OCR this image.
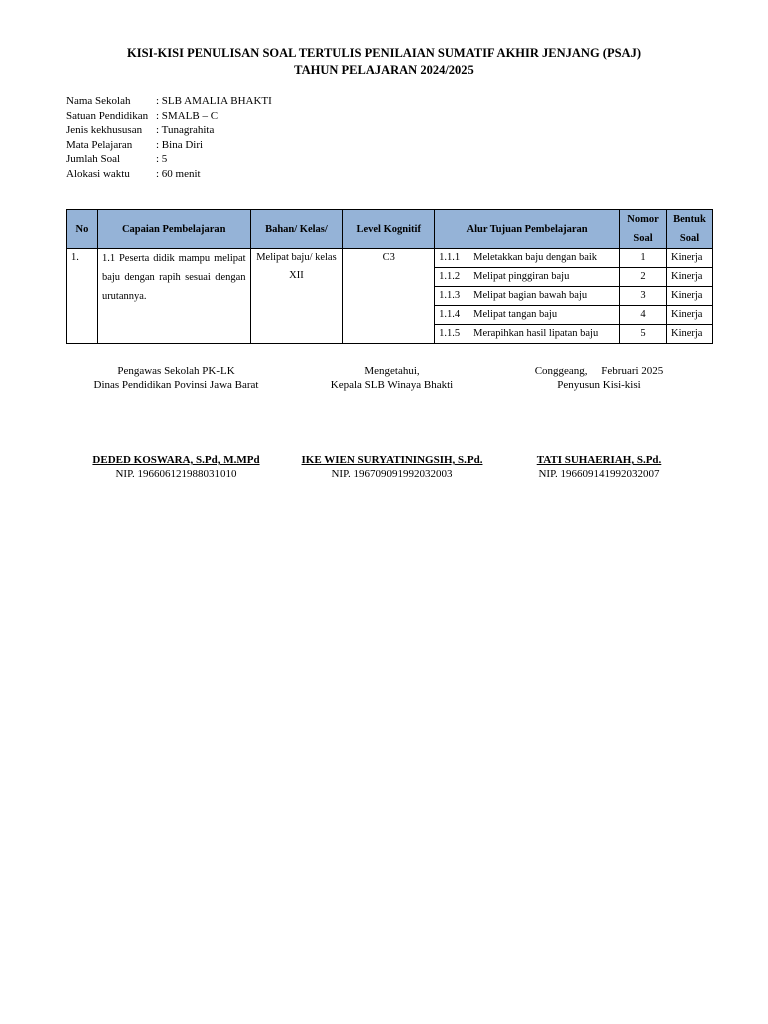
KISI-KISI PENULISAN SOAL TERTULIS PENILAIAN SUMATIF AKHIR JENJANG (PSAJ)
TAHUN PELAJARAN 2024/2025
Nama Sekolah	: SLB AMALIA BHAKTI
Satuan Pendidikan : SMALB – C
Jenis kekhususan	: Tunagrahita
Mata Pelajaran	: Bina Diri
Jumlah Soal	: 5
Alokasi waktu	: 60 menit
No	Capaian Pembelajaran	Bahan/ Kelas/	Level Kognitif	Alur Tujuan Pembelajaran	Nomor Soal	Bentuk Soal
1.	1.1 Peserta didik mampu melipat baju dengan rapih sesuai dengan urutannya.	Melipat baju/ kelas XII	C3	1.1.1 Meletakkan baju dengan baik	1	Kinerja
				1.1.2 Melipat pinggiran baju	2	Kinerja
				1.1.3 Melipat bagian bawah baju	3	Kinerja
				1.1.4 Melipat tangan baju	4	Kinerja
				1.1.5 Merapihkan hasil lipatan baju	5	Kinerja
Pengawas Sekolah PK-LK
Dinas Pendidikan Povinsi Jawa Barat
DEDED KOSWARA, S.Pd, M.MPd
NIP. 196606121988031010
Mengetahui,
Kepala SLB Winaya Bhakti
IKE WIEN SURYATININGSIH, S.Pd.
NIP. 196709091992032003
Conggeang,     Februari 2025
Penyusun Kisi-kisi
TATI SUHAERIAH, S.Pd.
NIP. 196609141992032007
